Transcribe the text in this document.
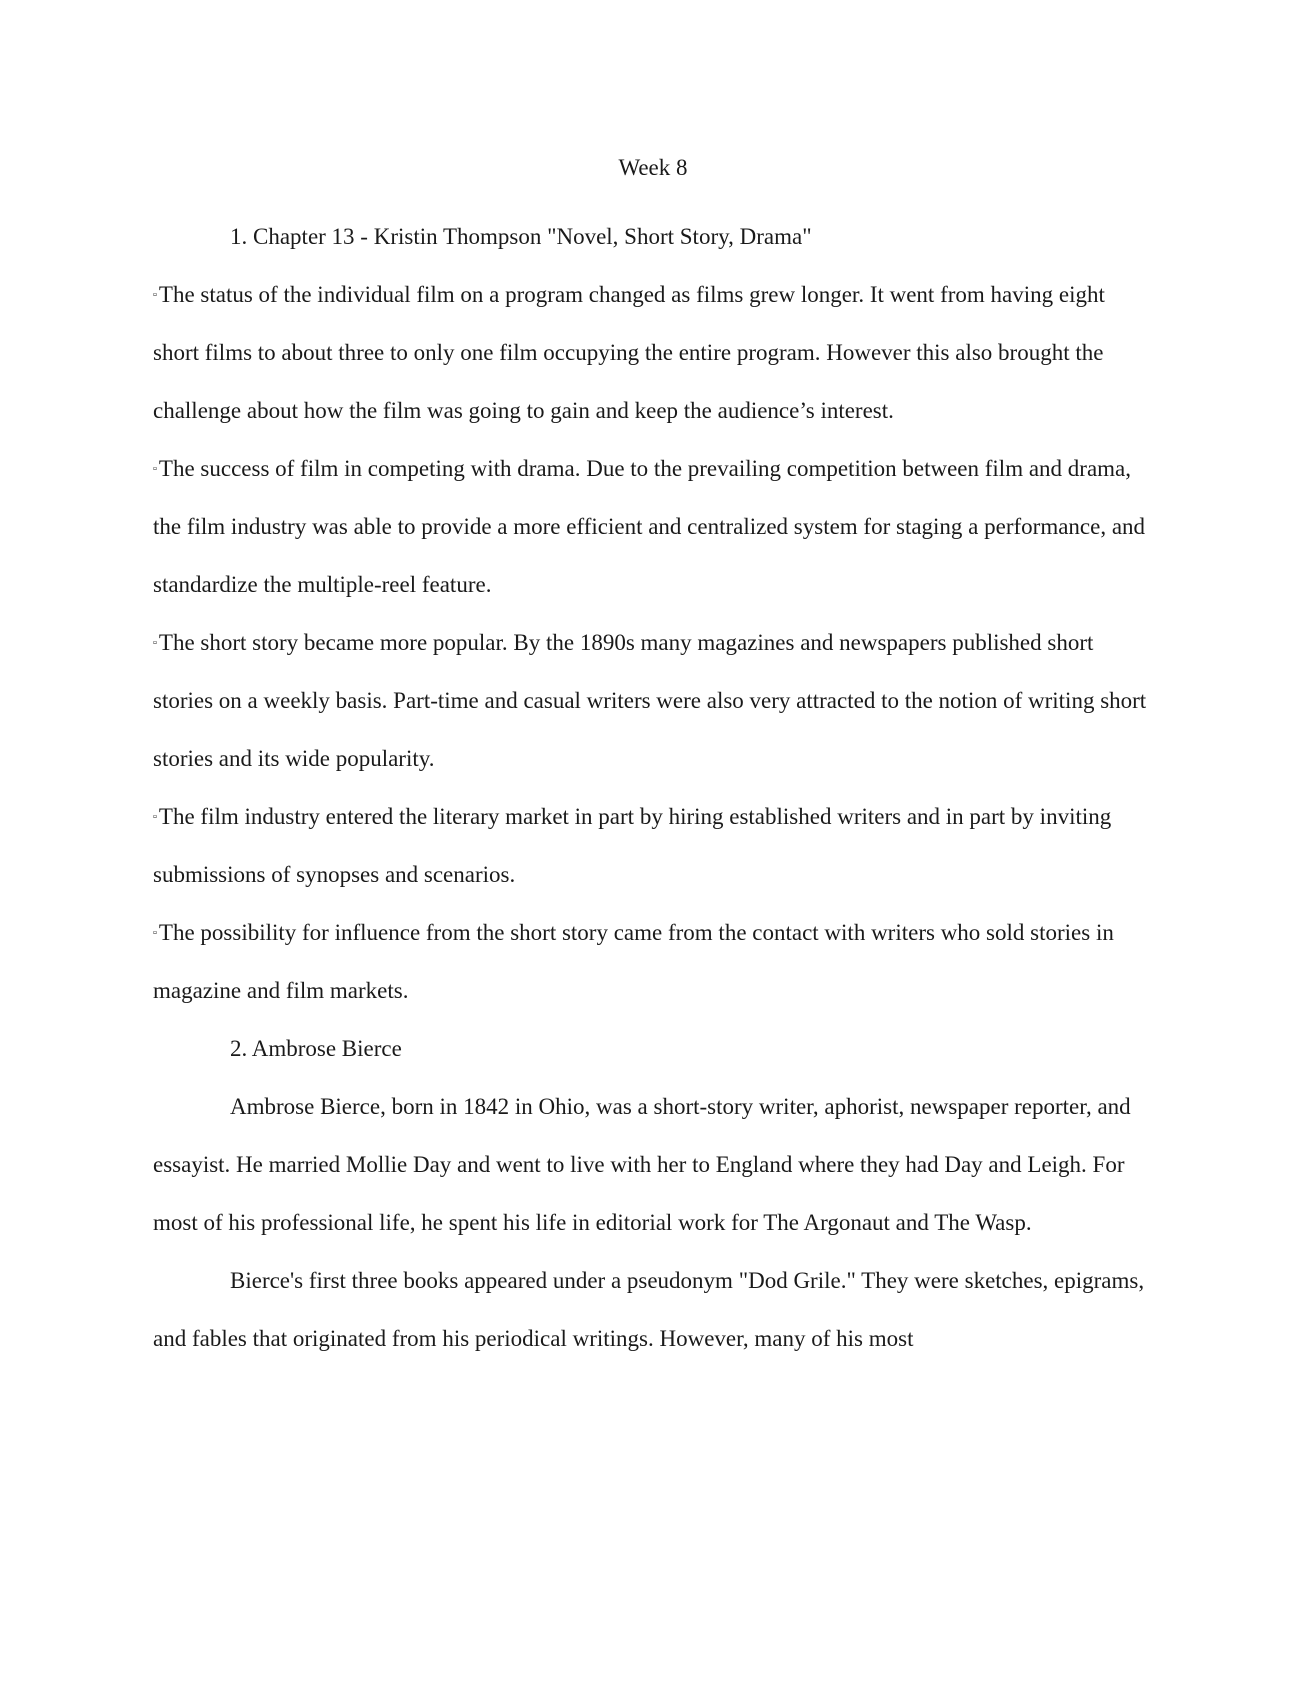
Week 8

1. Chapter 13 - Kristin Thompson "Novel, Short Story, Drama"

▫The status of the individual film on a program changed as films grew longer. It went from having eight short films to about three to only one film occupying the entire program. However this also brought the challenge about how the film was going to gain and keep the audience’s interest.

▫The success of film in competing with drama. Due to the prevailing competition between film and drama, the film industry was able to provide a more efficient and centralized system for staging a performance, and standardize the multiple-reel feature.

▫The short story became more popular. By the 1890s many magazines and newspapers published short stories on a weekly basis. Part-time and casual writers were also very attracted to the notion of writing short stories and its wide popularity.

▫The film industry entered the literary market in part by hiring established writers and in part by inviting submissions of synopses and scenarios.

▫The possibility for influence from the short story came from the contact with writers who sold stories in magazine and film markets.

2. Ambrose Bierce

Ambrose Bierce, born in 1842 in Ohio, was a short-story writer, aphorist, newspaper reporter, and essayist. He married Mollie Day and went to live with her to England where they had Day and Leigh. For most of his professional life, he spent his life in editorial work for The Argonaut and The Wasp.

Bierce's first three books appeared under a pseudonym "Dod Grile." They were sketches, epigrams, and fables that originated from his periodical writings. However, many of his most
